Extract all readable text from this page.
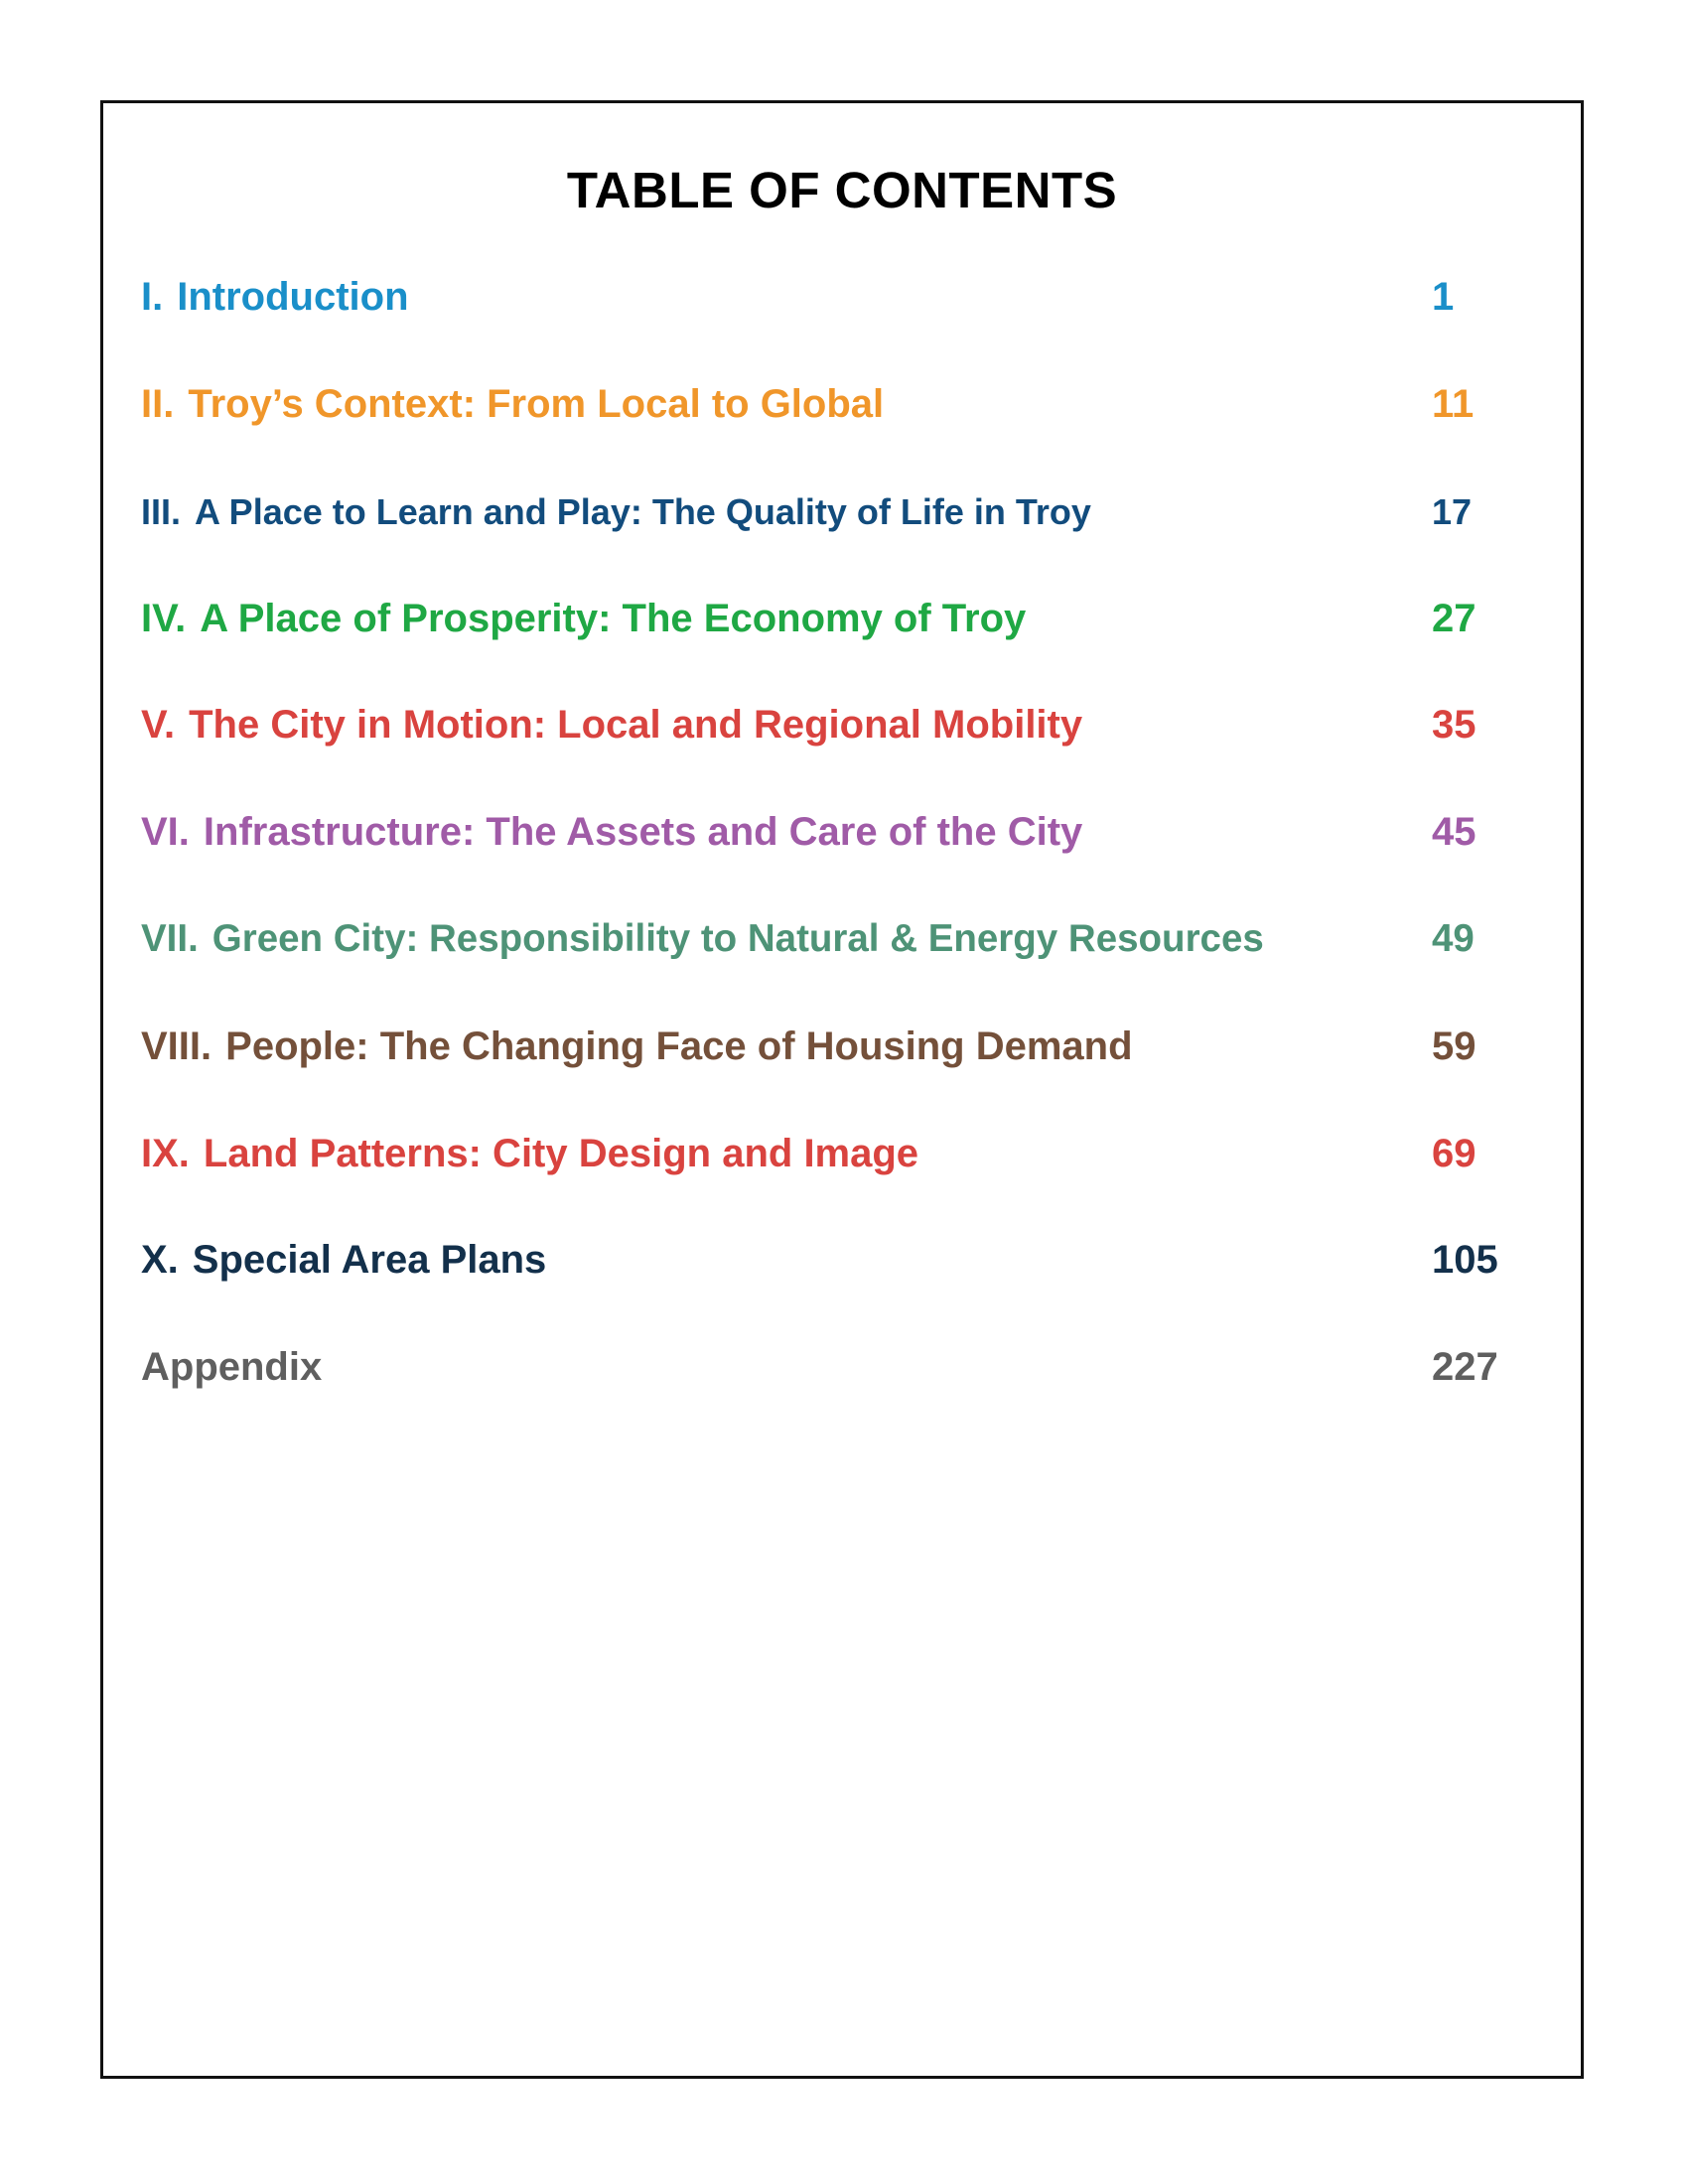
TABLE OF CONTENTS
I. Introduction	1
II. Troy’s Context: From Local to Global	11
III. A Place to Learn and Play: The Quality of Life in Troy	17
IV. A Place of Prosperity: The Economy of Troy	27
V. The City in Motion: Local and Regional Mobility	35
VI. Infrastructure: The Assets and Care of the City	45
VII. Green City: Responsibility to Natural & Energy Resources	49
VIII. People: The Changing Face of Housing Demand	59
IX. Land Patterns: City Design and Image	69
X. Special Area Plans	105
Appendix	227
